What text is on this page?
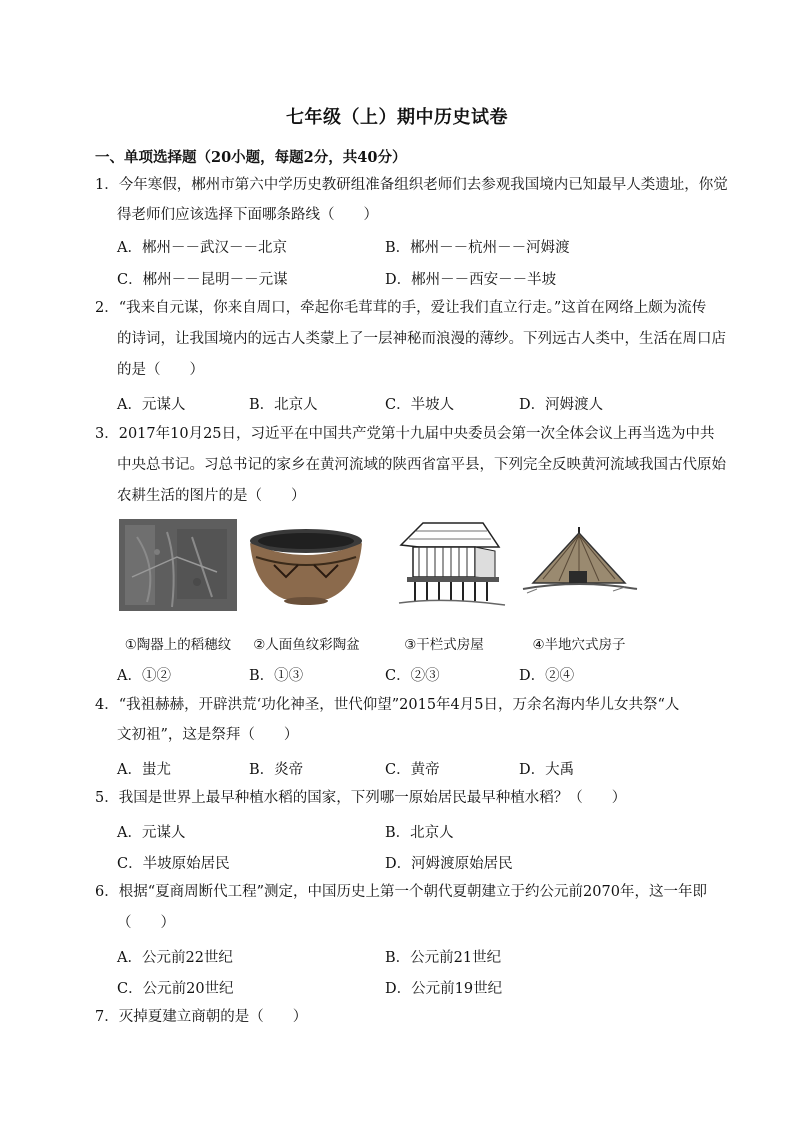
七年级（上）期中历史试卷
一、单项选择题（20小题，每题2分，共40分）
1．今年寒假，郴州市第六中学历史教研组准备组织老师们去参观我国境内已知最早人类遗址，你觉
得老师们应该选择下面哪条路线（　　）
A．郴州－－武汉－－北京	B．郴州－－杭州－－河姆渡
C．郴州－－昆明－－元谋	D．郴州－－西安－－半坡
2．“我来自元谋，你来自周口，牵起你毛茸茸的手，爱让我们直立行走。”这首在网络上颇为流传
的诗词，让我国境内的远古人类蒙上了一层神秘而浪漫的薄纱。下列远古人类中，生活在周口店
的是（　　）
A．元谋人	B．北京人	C．半坡人	D．河姆渡人
3．2017年10月25日，习近平在中国共产党第十九届中央委员会第一次全体会议上再当选为中共
中央总书记。习总书记的家乡在黄河流域的陕西省富平县，下列完全反映黄河流域我国古代原始
农耕生活的图片的是（　　）
①陶器上的稻穗纹	②人面鱼纹彩陶盆	③干栏式房屋	④半地穴式房子
A．①②	B．①③	C．②③	D．②④
4．“我祖赫赫，开辟洪荒‘功化神圣，世代仰望”2015年4月5日，万余名海内华儿女共祭“人
文初祖”，这是祭拜（　　）
A．蚩尤	B．炎帝	C．黄帝	D．大禹
5．我国是世界上最早种植水稻的国家，下列哪一原始居民最早种植水稻？（　　）
A．元谋人	B．北京人
C．半坡原始居民	D．河姆渡原始居民
6．根据“夏商周断代工程”测定，中国历史上第一个朝代夏朝建立于约公元前2070年，这一年即
（　　）
A．公元前22世纪	B．公元前21世纪
C．公元前20世纪	D．公元前19世纪
7．灭掉夏建立商朝的是（　　）
